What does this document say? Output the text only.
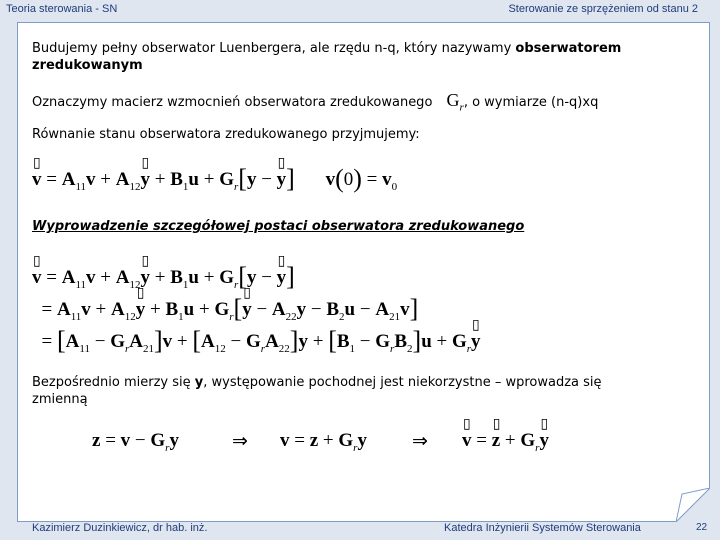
Teoria sterowania - SN	Sterowanie ze sprzężeniem od stanu 2
Budujemy pełny obserwator Luenbergera, ale rzędu n-q, który nazywamy obserwatorem
zredukowanym
Oznaczymy macierz wzmocnień obserwatora zredukowanego $G_r$, o wymiarze (n-q)xq
Równanie stanu obserwatora zredukowanego przyjmujemy:
v ▯ = $A_{11}v + A_{12}y$ ▯ + $B_1u + G_r[y - y$ ▯] $v(0) = v_0$
Wyprowadzenie szczegółowej postaci obserwatora zredukowanego
v ▯ = $A_{11}v + A_{12}y$ ▯ + $B_1u + G_r[y - y$ ▯]
= $A_{11}v + A_{12}y$ ▯ + $B_1u + G_r[y$ ▯ − $A_{22}y - B_2u - A_{21}v$]
= $[A_{11} - G_rA_{21}]v + [A_{12} - G_rA_{22}]y + [B_1 - G_rB_2]u + G_ry$ ▯
Bezpośrednio mierzy się y, występowanie pochodnej jest niekorzystne – wprowadza się
zmienną
$z = v - G_ry$	⇒ $v = z + G_ry$ ⇒ v ▯ = z ▯ + $G_ry$ ▯
Kazimierz Duzinkiewicz, dr hab. inż.	Katedra Inżynierii Systemów Sterowania	22
